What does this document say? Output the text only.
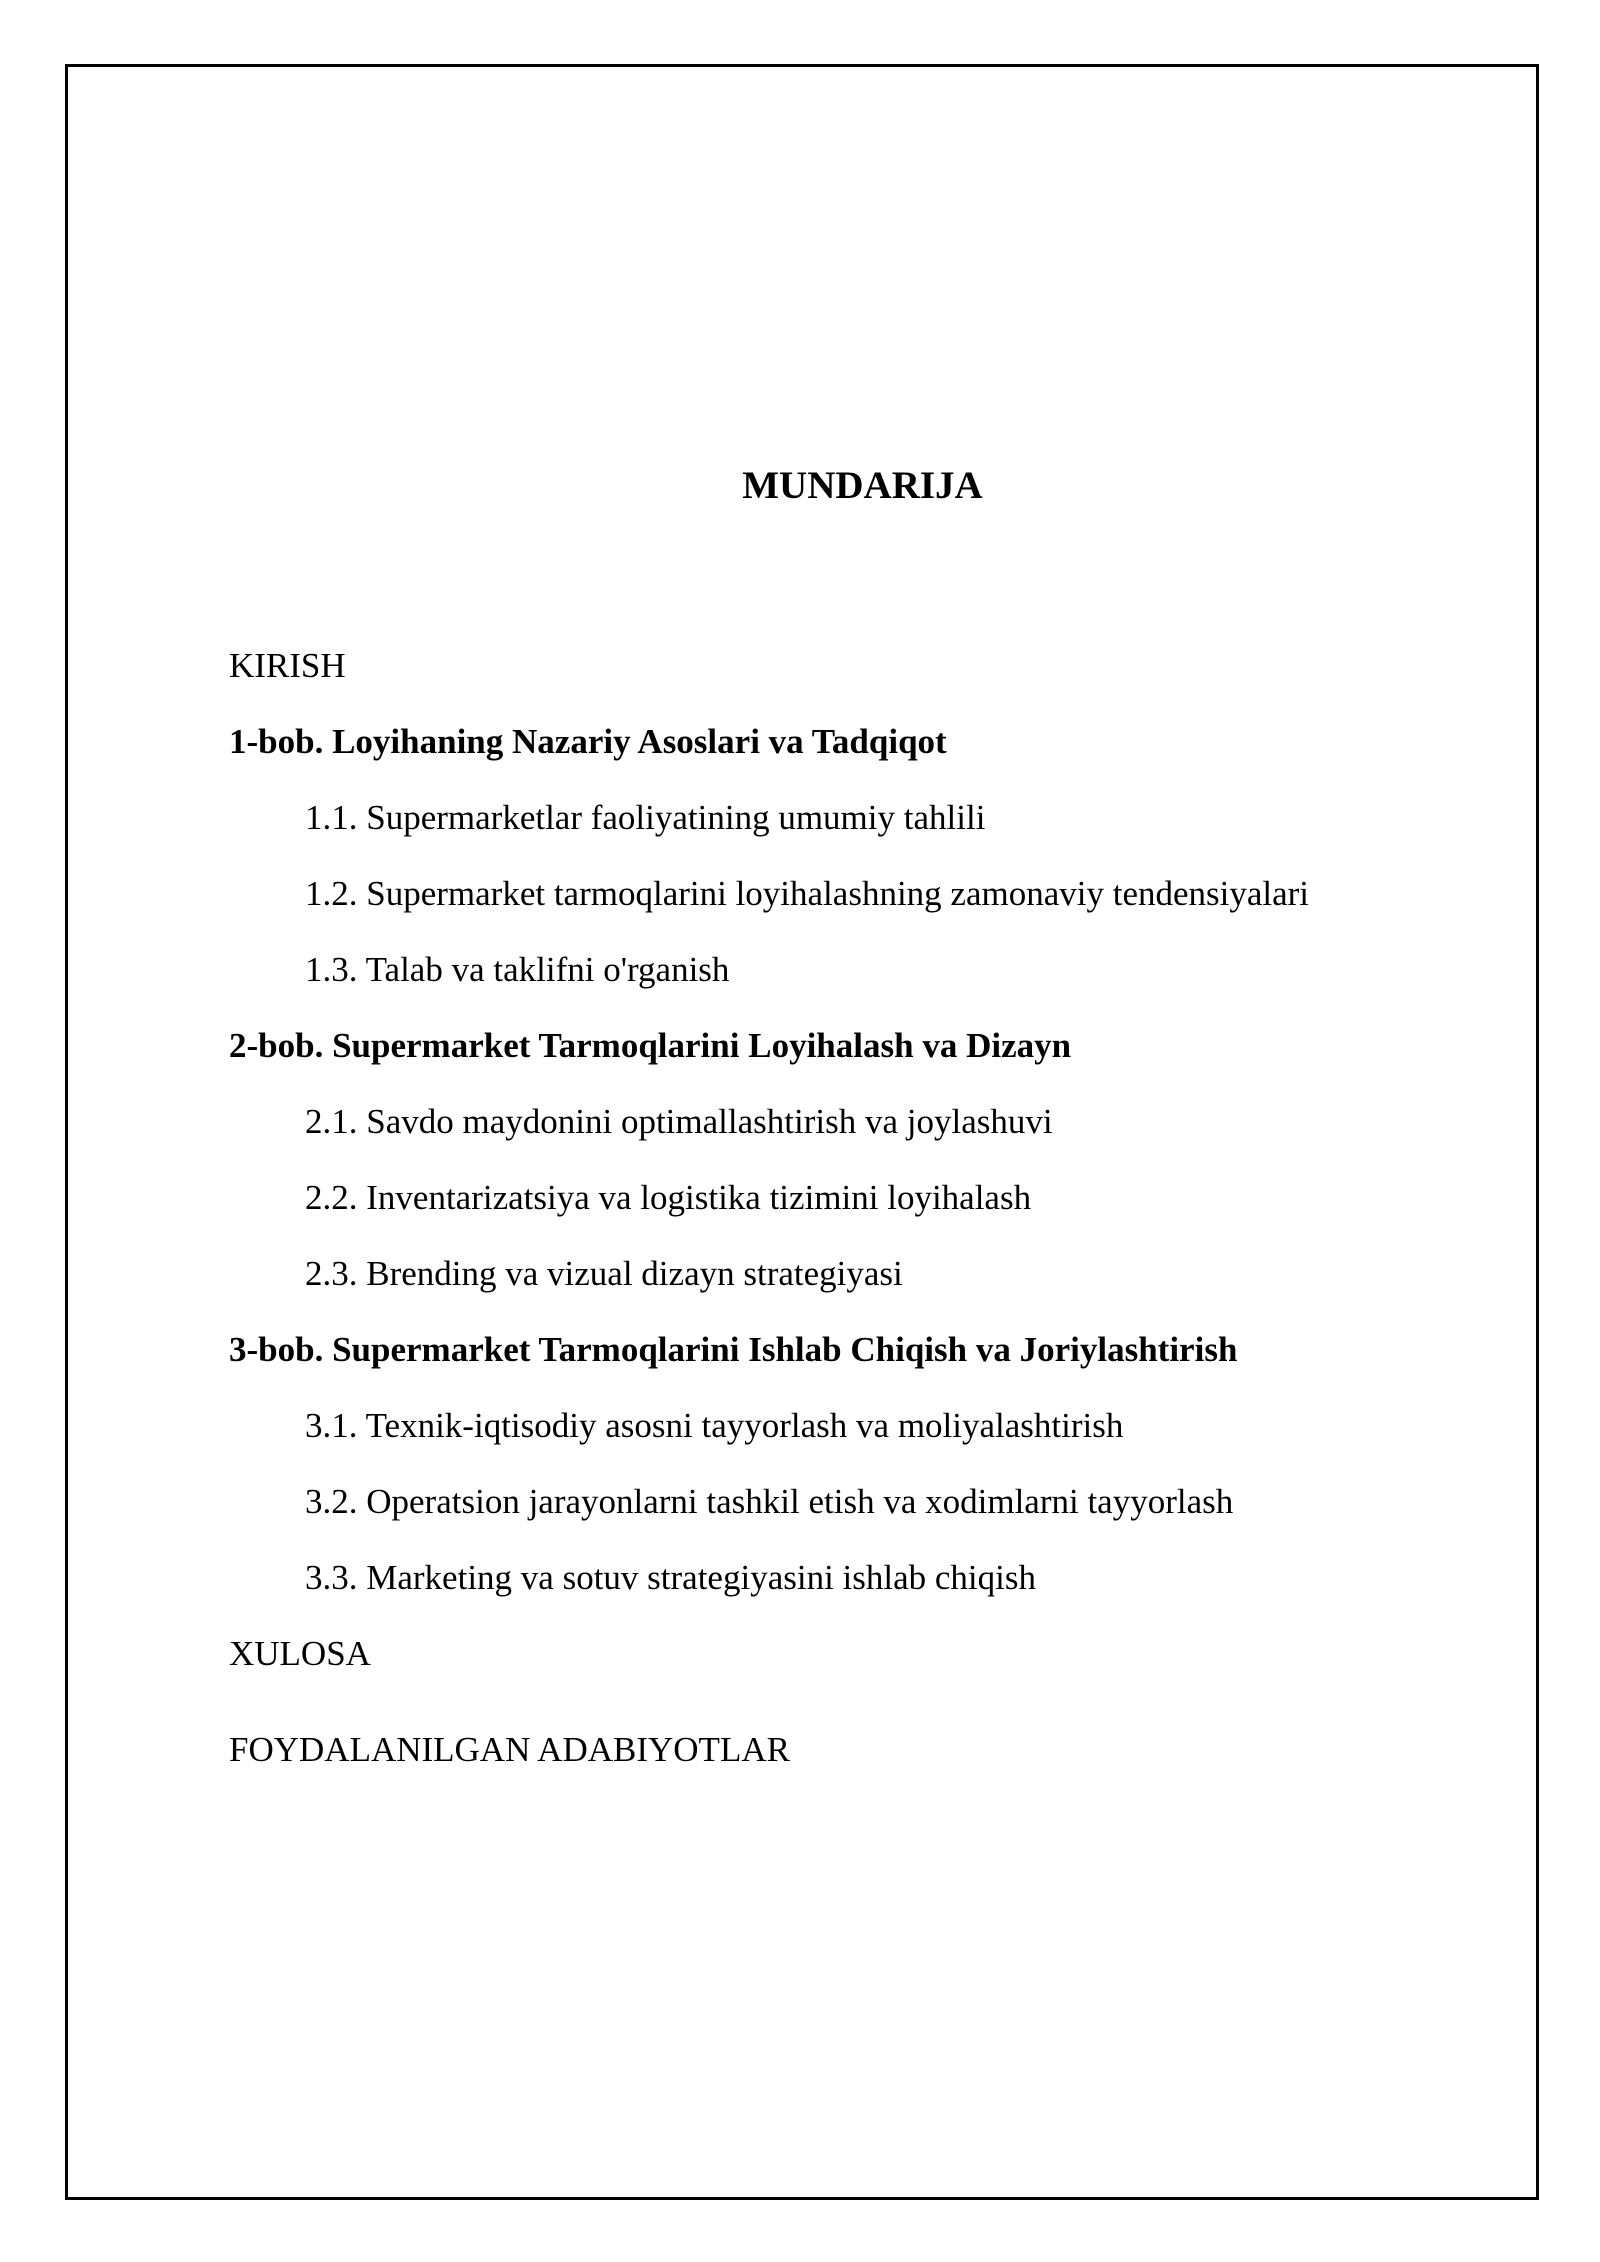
MUNDARIJA
KIRISH
1-bob. Loyihaning Nazariy Asoslari va Tadqiqot
1.1. Supermarketlar faoliyatining umumiy tahlili
1.2. Supermarket tarmoqlarini loyihalashning zamonaviy tendensiyalari
1.3. Talab va taklifni o'rganish
2-bob. Supermarket Tarmoqlarini Loyihalash va Dizayn
2.1. Savdo maydonini optimallashtirish va joylashuvi
2.2. Inventarizatsiya va logistika tizimini loyihalash
2.3. Brending va vizual dizayn strategiyasi
3-bob. Supermarket Tarmoqlarini Ishlab Chiqish va Joriylashtirish
3.1. Texnik-iqtisodiy asosni tayyorlash va moliyalashtirish
3.2. Operatsion jarayonlarni tashkil etish va xodimlarni tayyorlash
3.3. Marketing va sotuv strategiyasini ishlab chiqish
XULOSA
FOYDALANILGAN ADABIYOTLAR
